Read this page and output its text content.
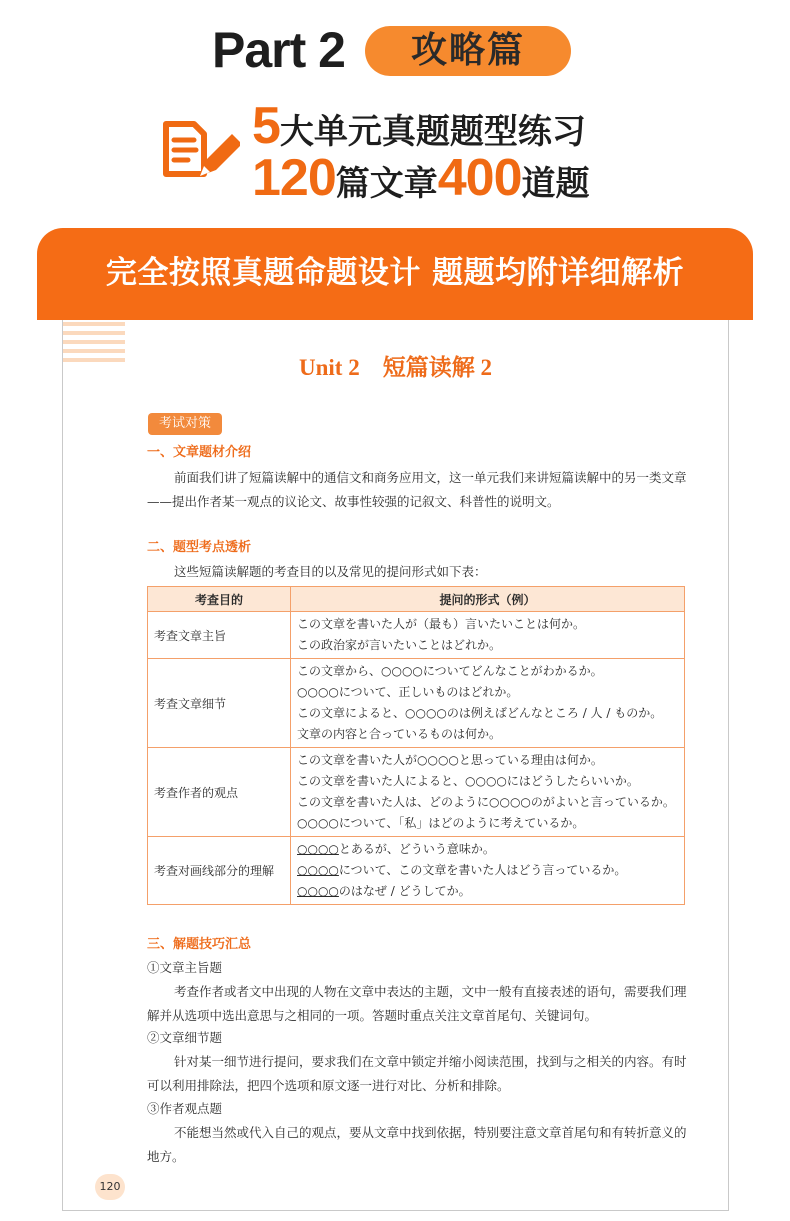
Part 2	攻略篇
5大单元真题题型练习
120篇文章400道题
完全按照真题命题设计 题题均附详细解析
Unit 2　短篇读解 2
考试对策
一、文章题材介绍
前面我们讲了短篇读解中的通信文和商务应用文，这一单元我们来讲短篇读解中的另一类文章——提出作者某一观点的议论文、故事性较强的记叙文、科普性的说明文。
二、题型考点透析
这些短篇读解题的考查目的以及常见的提问形式如下表：
考查目的	提问的形式（例）
考查文章主旨	この文章を書いた人が（最も）言いたいことは何か。
この政治家が言いたいことはどれか。

考查文章细节	この文章から、○○○○についてどんなことがわかるか。
○○○○について、正しいものはどれか。
この文章によると、○○○○のは例えばどんなところ / 人 / ものか。
文章の内容と合っているものは何か。

考查作者的观点	この文章を書いた人が○○○○と思っている理由は何か。
この文章を書いた人によると、○○○○にはどうしたらいいか。
この文章を書いた人は、どのように○○○○のがよいと言っているか。
○○○○について、「私」はどのように考えているか。

考查对画线部分的理解	○○○○とあるが、どういう意味か。
○○○○について、この文章を書いた人はどう言っているか。
○○○○のはなぜ / どうしてか。
三、解题技巧汇总
①文章主旨题
考查作者或者文中出现的人物在文章中表达的主题，文中一般有直接表述的语句，需要我们理解并从选项中选出意思与之相同的一项。答题时重点关注文章首尾句、关键词句。
②文章细节题
针对某一细节进行提问，要求我们在文章中锁定并缩小阅读范围，找到与之相关的内容。有时可以利用排除法，把四个选项和原文逐一进行对比、分析和排除。
③作者观点题
不能想当然或代入自己的观点，要从文章中找到依据，特别要注意文章首尾句和有转折意义的地方。
120
